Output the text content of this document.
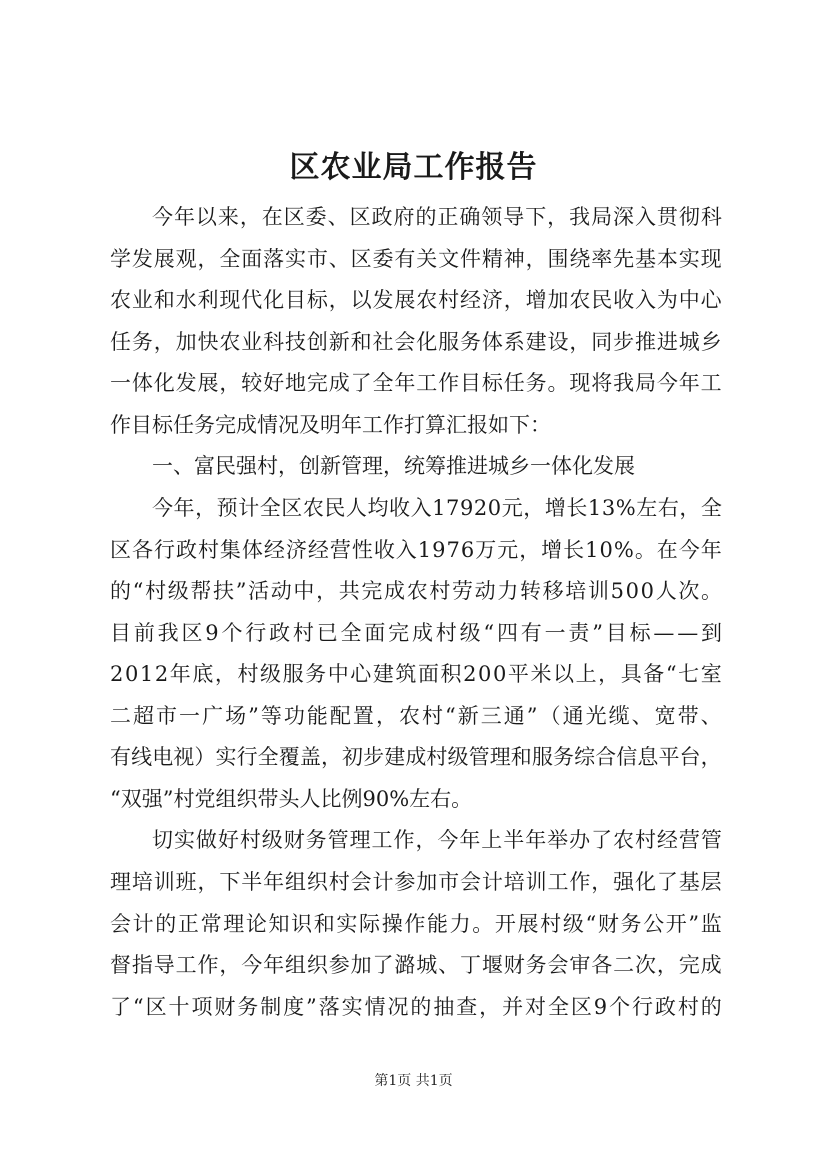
区农业局工作报告
今 年 以 来 ， 在 区 委 、 区 政 府 的 正 确 领 导 下 ， 我 局 深 入 贯 彻 科
学 发 展 观 ， 全 面 落 实 市 、 区 委 有 关 文 件 精 神 ， 围 绕 率 先 基 本 实 现
农 业 和 水 利 现 代 化 目 标 ， 以 发 展 农 村 经 济 ， 增 加 农 民 收 入 为 中 心
任 务 ， 加 快 农 业 科 技 创 新 和 社 会 化 服 务 体 系 建 设 ， 同 步 推 进 城 乡
一 体 化 发 展 ， 较 好 地 完 成 了 全 年 工 作 目 标 任 务 。 现 将 我 局 今 年 工
作目标任务完成情况及明年工作打算汇报如下：
一、富民强村，创新管理，统筹推进城乡一体化发展
今 年 ， 预 计 全 区 农 民 人 均 收 入 1 7 9 2 0 元 ， 增 长 1 3 % 左 右 ， 全
区 各 行 政 村 集 体 经 济 经 营 性 收 入 1 9 7 6 万 元 ， 增 长 1 0 % 。 在 今 年
的 “ 村 级 帮 扶 ” 活 动 中 ， 共 完 成 农 村 劳 动 力 转 移 培 训 5 0 0 人 次 。
目 前 我 区 9 个 行 政 村 已 全 面 完 成 村 级 “ 四 有 一 责 ” 目 标 — — 到
2 0 1 2 年 底 ， 村 级 服 务 中 心 建 筑 面 积 2 0 0 平 米 以 上 ， 具 备 “ 七 室
二 超 市 一 广 场 ” 等 功 能 配 置 ， 农 村 “ 新 三 通 ” （ 通 光 缆 、 宽 带 、
有 线 电 视 ） 实 行 全 覆 盖 ， 初 步 建 成 村 级 管 理 和 服 务 综 合 信 息 平 台 ，
“双强”村党组织带头人比例90%左右。
切 实 做 好 村 级 财 务 管 理 工 作 ， 今 年 上 半 年 举 办 了 农 村 经 营 管
理 培 训 班 ， 下 半 年 组 织 村 会 计 参 加 市 会 计 培 训 工 作 ， 强 化 了 基 层
会 计 的 正 常 理 论 知 识 和 实 际 操 作 能 力 。 开 展 村 级 “ 财 务 公 开 ” 监
督 指 导 工 作 ， 今 年 组 织 参 加 了 潞 城 、 丁 堰 财 务 会 审 各 二 次 ， 完 成
了 “ 区 十 项 财 务 制 度 ” 落 实 情 况 的 抽 查 ， 并 对 全 区 9 个 行 政 村 的
第1页 共1页
